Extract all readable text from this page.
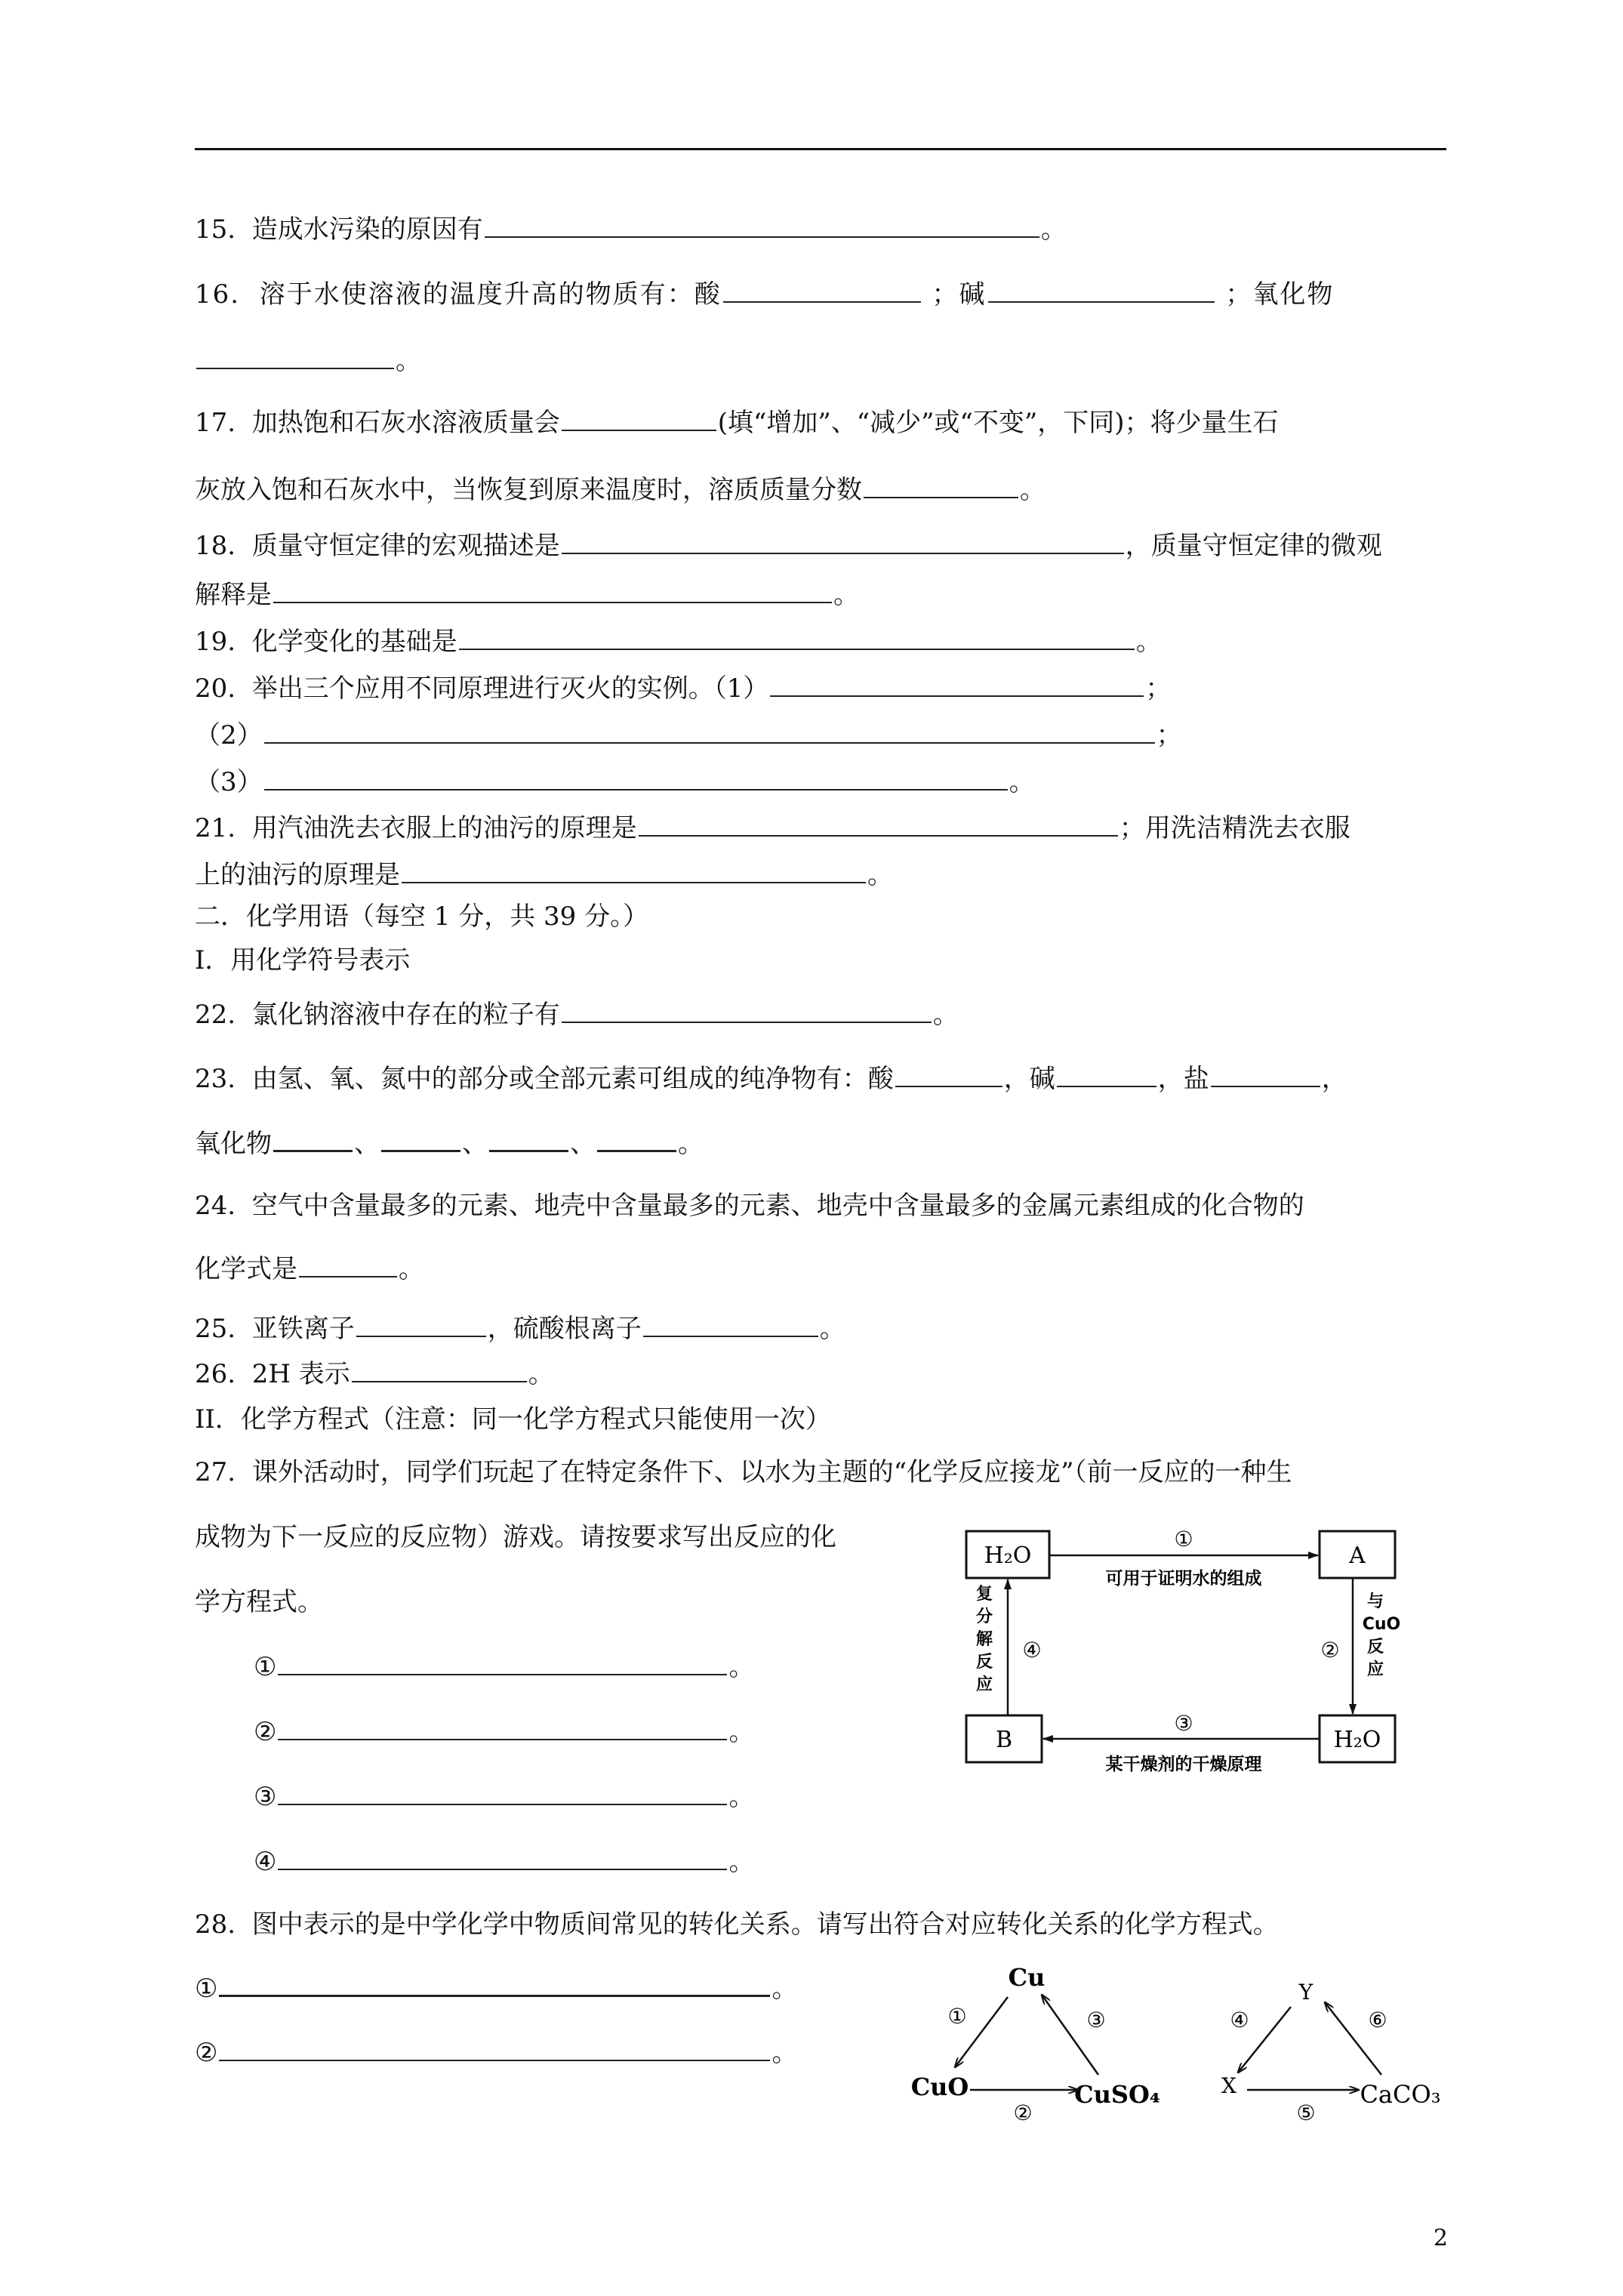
15. 造成水污染的原因有	。
16. 溶于水使溶液的温度升高的物质有：酸	；碱	；氧化物
。
17. 加热饱和石灰水溶液质量会	(填“增加”、“减少”或“不变”，下同)；将少量生石
灰放入饱和石灰水中，当恢复到原来温度时，溶质质量分数	。
18. 质量守恒定律的宏观描述是	，质量守恒定律的微观
解释是	。
19. 化学变化的基础是	。
20. 举出三个应用不同原理进行灭火的实例。（1）	；
（2）	；
（3）	。
21. 用汽油洗去衣服上的油污的原理是	；用洗洁精洗去衣服
上的油污的原理是	。
二．化学用语（每空 1 分，共 39 分。）
I．用化学符号表示
22. 氯化钠溶液中存在的粒子有	。
23. 由氢、氧、氮中的部分或全部元素可组成的纯净物有：酸	，碱	，盐	，
氧化物	、	、	、	。
24. 空气中含量最多的元素、地壳中含量最多的元素、地壳中含量最多的金属元素组成的化合物的
化学式是	。
25. 亚铁离子	，硫酸根离子	。
26. 2H 表示	。
II．化学方程式（注意：同一化学方程式只能使用一次）
27. 课外活动时，同学们玩起了在特定条件下、以水为主题的“化学反应接龙”（前一反应的一种生
成物为下一反应的反应物）游戏。请按要求写出反应的化
学方程式。
①	。
②	。
③	。
④	。
H₂O	A
H₂O
B
①
可用于证明水的组成
②
与
CuO
反
应
③
某干燥剂的干燥原理
④
复
分
解
反
应
28. 图中表示的是中学化学中物质间常见的转化关系。请写出符合对应转化关系的化学方程式。
①	。
②	。
Cu
CuO	CuSO₄
①
②
③
Y
X	CaCO₃
④
⑤
⑥
2
